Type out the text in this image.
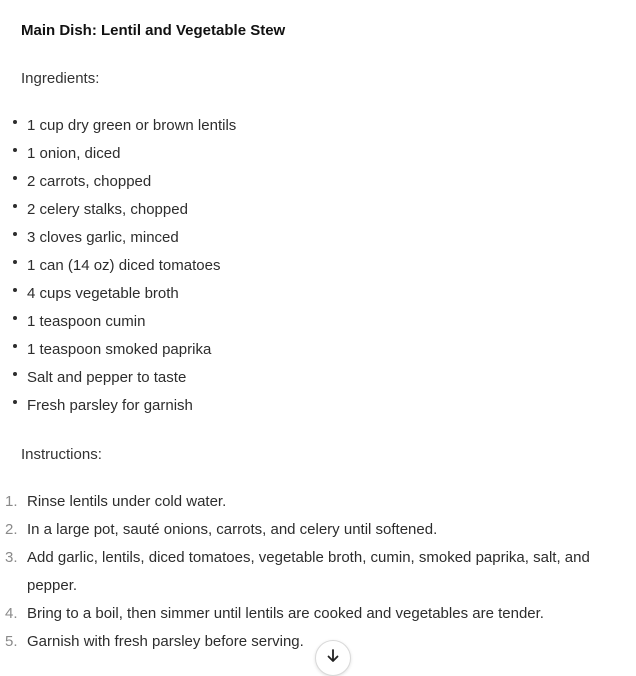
Main Dish: Lentil and Vegetable Stew
Ingredients:
1 cup dry green or brown lentils
1 onion, diced
2 carrots, chopped
2 celery stalks, chopped
3 cloves garlic, minced
1 can (14 oz) diced tomatoes
4 cups vegetable broth
1 teaspoon cumin
1 teaspoon smoked paprika
Salt and pepper to taste
Fresh parsley for garnish
Instructions:
1. Rinse lentils under cold water.
2. In a large pot, sauté onions, carrots, and celery until softened.
3. Add garlic, lentils, diced tomatoes, vegetable broth, cumin, smoked paprika, salt, and pepper.
4. Bring to a boil, then simmer until lentils are cooked and vegetables are tender.
5. Garnish with fresh parsley before serving.
